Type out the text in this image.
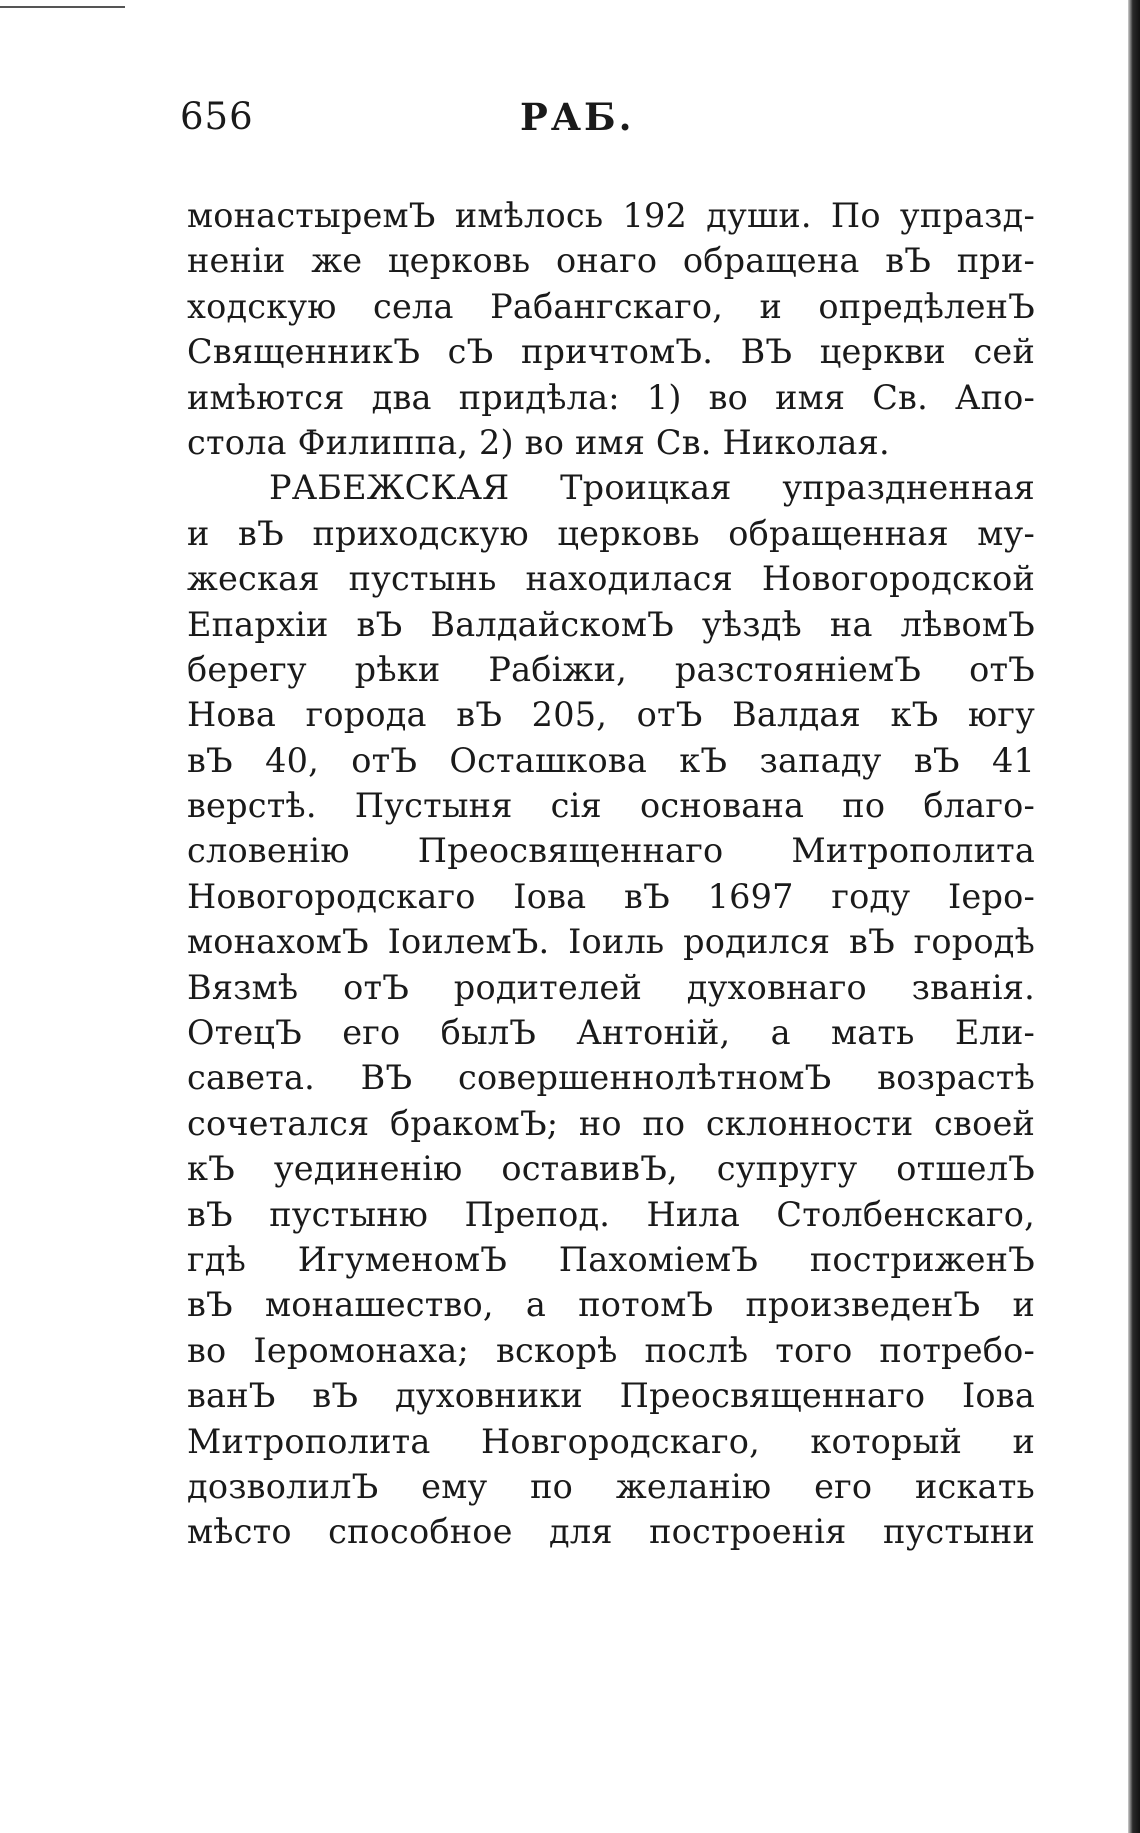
656	РАБ.
монастыремЪ имѣлось 192 души. По упразд-
неніи же церковь онаго обращена вЪ при-
ходскую села Рабангскаго, и опредѣленЪ
СвященникЪ сЪ причтомЪ. ВЪ церкви сей
имѣются два придѣла: 1) во имя Св. Апо-
стола Филиппа, 2) во имя Св. Николая.
РАБЕЖСКАЯ Троицкая упраздненная
и вЪ приходскую церковь обращенная му-
жеская пустынь находилася Новогородской
Епархіи вЪ ВалдайскомЪ уѣздѣ на лѣвомЪ
берегу рѣки Рабіжи, разстояніемЪ отЪ
Нова города вЪ 205, отЪ Валдая кЪ югу
вЪ 40, отЪ Осташкова кЪ западу вЪ 41
верстѣ. Пустыня сія основана по благо-
словенію Преосвященнаго Митрополита
Новогородскаго Іова вЪ 1697 году Іеро-
монахомЪ ІоилемЪ. Іоиль родился вЪ городѣ
Вязмѣ отЪ родителей духовнаго званія.
ОтецЪ его былЪ Антоній, а мать Ели-
савета. ВЪ совершеннолѣтномЪ возрастѣ
сочетался бракомЪ; но по склонности своей
кЪ уединенію оставивЪ, супругу отшелЪ
вЪ пустыню Препод. Нила Столбенскаго,
гдѣ ИгуменомЪ ПахоміемЪ постриженЪ
вЪ монашество, а потомЪ произведенЪ и
во Іеромонаха; вскорѣ послѣ того потребо-
ванЪ вЪ духовники Преосвященнаго Іова
Митрополита Новгородскаго, который и
дозволилЪ ему по желанію его искать
мѣсто способное для построенія пустыни
